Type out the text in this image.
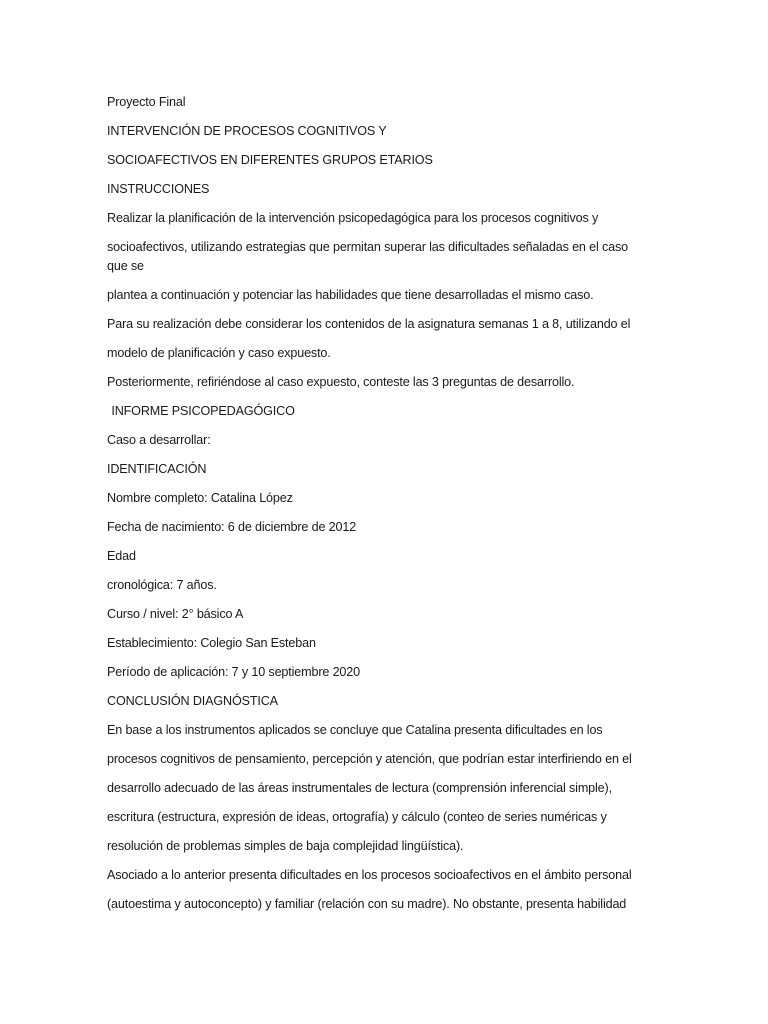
Proyecto Final

INTERVENCIÓN DE PROCESOS COGNITIVOS Y

SOCIOAFECTIVOS EN DIFERENTES GRUPOS ETARIOS

INSTRUCCIONES

Realizar la planificación de la intervención psicopedagógica para los procesos cognitivos y

socioafectivos, utilizando estrategias que permitan superar las dificultades señaladas en el caso

que se

plantea a continuación y potenciar las habilidades que tiene desarrolladas el mismo caso.

Para su realización debe considerar los contenidos de la asignatura semanas 1 a 8, utilizando el

modelo de planificación y caso expuesto.

Posteriormente, refiriéndose al caso expuesto, conteste las 3 preguntas de desarrollo.

INFORME PSICOPEDAGÓGICO

Caso a desarrollar:

IDENTIFICACIÓN

Nombre completo: Catalina López

Fecha de nacimiento: 6 de diciembre de 2012

Edad

cronológica: 7 años.

Curso / nivel: 2° básico A

Establecimiento: Colegio San Esteban

Período de aplicación: 7 y 10 septiembre 2020

CONCLUSIÓN DIAGNÓSTICA

En base a los instrumentos aplicados se concluye que Catalina presenta dificultades en los

procesos cognitivos de pensamiento, percepción y atención, que podrían estar interfiriendo en el

desarrollo adecuado de las áreas instrumentales de lectura (comprensión inferencial simple),

escritura (estructura, expresión de ideas, ortografía) y cálculo (conteo de series numéricas y

resolución de problemas simples de baja complejidad lingüística).

Asociado a lo anterior presenta dificultades en los procesos socioafectivos en el ámbito personal

(autoestima y autoconcepto) y familiar (relación con su madre). No obstante, presenta habilidad
